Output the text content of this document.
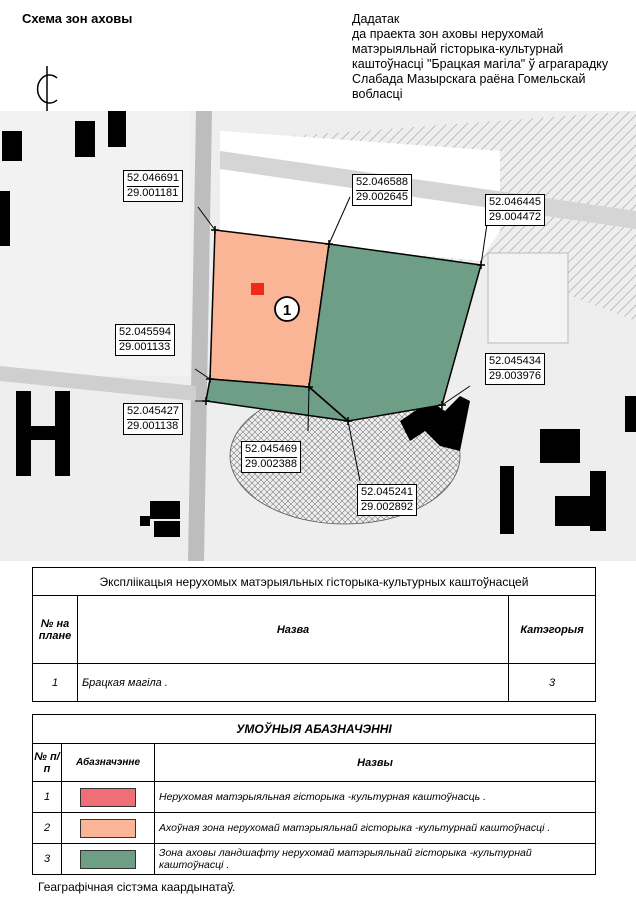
Схема зон аховы	Дадатак
да праекта зон аховы нерухомай
матэрыяльнай гісторыка-культурнай
каштоўнасці "Брацкая магіла" ў аграгарадку
Слабада Мазырскага раёна Гомельскай
вобласці
1
52.046691
29.001181
52.046588
29.002645	52.046445
29.004472
52.045594
29.001133
52.045434
29.003976
52.045427
29.001138
52.045469
29.002388
52.045241
29.002892
Экспліікацыя нерухомых матэрыяльных гісторыка-культурных каштоўнасцей		
№ на плане	Назва	Катэгорыя
1	Брацкая магіла .	3
УМОЎНЫЯ АБАЗНАЧЭННІ		
№ п/п	Абазначэнне	Назвы
1		Нерухомая матэрыяльная гісторыка -культурная каштоўнасць .
2		Ахоўная зона нерухомай матэрыяльнай гісторыка -культурнай каштоўнасці .
3		Зона аховы ландшафту нерухомай матэрыяльнай гісторыка -культурнай каштоўнасці .
Геаграфічная сістэма каардынатаў.
